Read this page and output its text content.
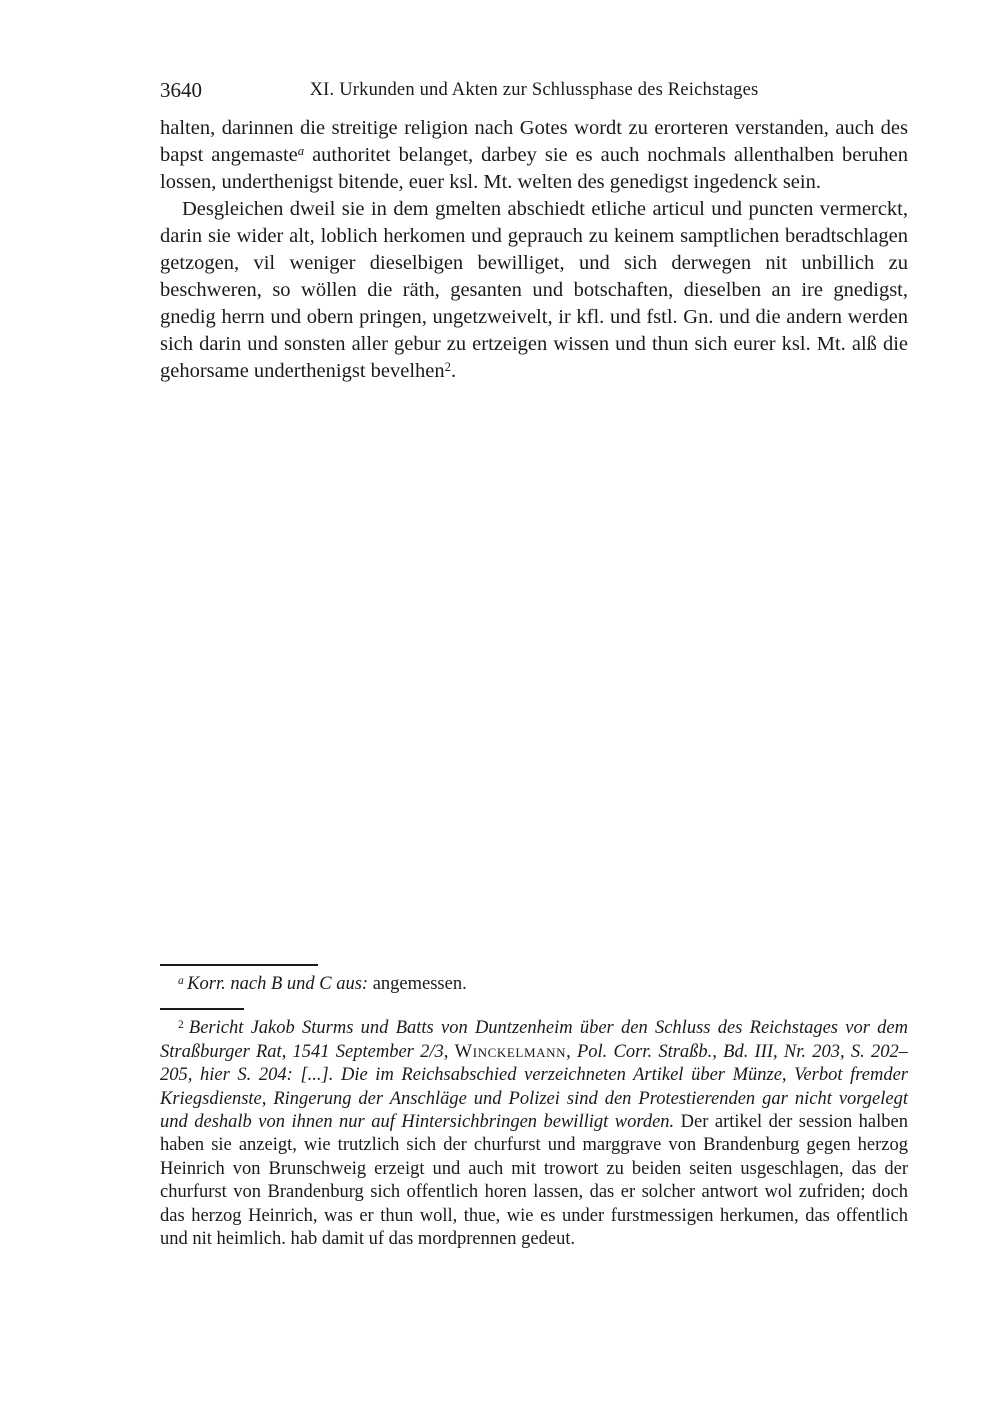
3640	XI. Urkunden und Akten zur Schlussphase des Reichstages

halten, darinnen die streitige religion nach Gotes wordt zu erorteren verstanden, auch des bapst angemaste$^a$ authoritet belanget, darbey sie es auch nochmals allenthalben beruhen lossen, underthenigst bitende, euer ksl. Mt. welten des genedigst ingedenck sein.

Desgleichen dweil sie in dem gmelten abschiedt etliche articul und puncten vermerckt, darin sie wider alt, loblich herkomen und geprauch zu keinem samptlichen beradtschlagen getzogen, vil weniger dieselbigen bewilliget, und sich derwegen nit unbillich zu beschweren, so wöllen die räth, gesanten und botschaften, dieselben an ire gnedigst, gnedig herrn und obern pringen, ungetzweivelt, ir kfl. und fstl. Gn. und die andern werden sich darin und sonsten aller gebur zu ertzeigen wissen und thun sich eurer ksl. Mt. alß die gehorsame underthenigst bevelhen$^2$.

$^a$ Korr. nach B und C aus: angemessen.

$^2$ Bericht Jakob Sturms und Batts von Duntzenheim über den Schluss des Reichstages vor dem Straßburger Rat, 1541 September 2/3, Winckelmann, Pol. Corr. Straßb., Bd. III, Nr. 203, S. 202–205, hier S. 204: [...]. Die im Reichsabschied verzeichneten Artikel über Münze, Verbot fremder Kriegsdienste, Ringerung der Anschläge und Polizei sind den Protestierenden gar nicht vorgelegt und deshalb von ihnen nur auf Hintersichbringen bewilligt worden. Der artikel der session halben haben sie anzeigt, wie trutzlich sich der churfurst und marggrave von Brandenburg gegen herzog Heinrich von Brunschweig erzeigt und auch mit trowort zu beiden seiten usgeschlagen, das der churfurst von Brandenburg sich offentlich horen lassen, das er solcher antwort wol zufriden; doch das herzog Heinrich, was er thun woll, thue, wie es under furstmessigen herkumen, das offentlich und nit heimlich. hab damit uf das mordprennen gedeut.
